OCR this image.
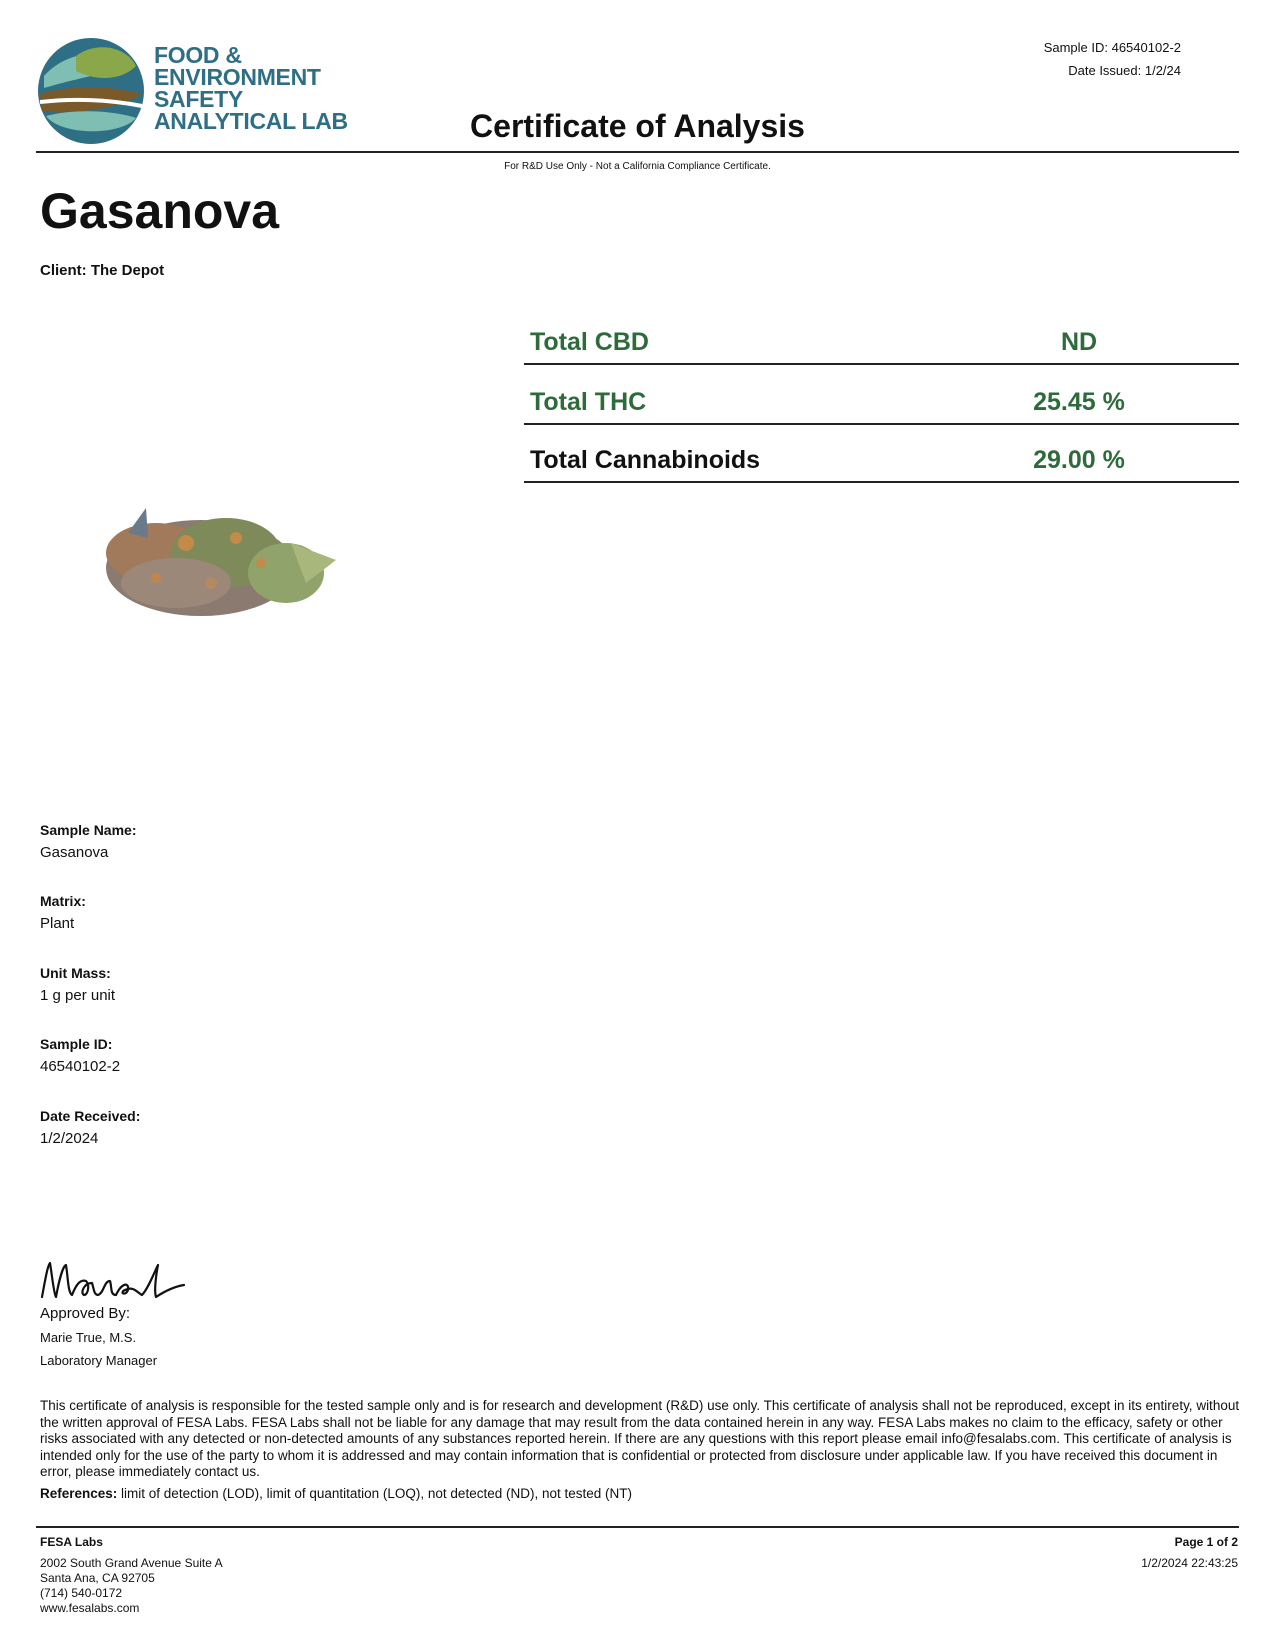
FOOD &
ENVIRONMENT
SAFETY
ANALYTICAL LAB
Sample ID: 46540102-2
Date Issued: 1/2/24
Certificate of Analysis
For R&D Use Only - Not a California Compliance Certificate.
Gasanova
Client: The Depot
Total CBD	ND
Total THC	25.45 %
Total Cannabinoids	29.00 %
Sample Name:
Gasanova
Matrix:
Plant
Unit Mass:
1 g per unit
Sample ID:
46540102-2
Date Received:
1/2/2024
Approved By:
Marie True, M.S.
Laboratory Manager
This certificate of analysis is responsible for the tested sample only and is for research and development (R&D) use only. This certificate of analysis shall not be reproduced, except in its entirety, without the written approval of FESA Labs. FESA Labs shall not be liable for any damage that may result from the data contained herein in any way. FESA Labs makes no claim to the efficacy, safety or other risks associated with any detected or non-detected amounts of any substances reported herein. If there are any questions with this report please email info@fesalabs.com. This certificate of analysis is intended only for the use of the party to whom it is addressed and may contain information that is confidential or protected from disclosure under applicable law. If you have received this document in error, please immediately contact us.
References: limit of detection (LOD), limit of quantitation (LOQ), not detected (ND), not tested (NT)
FESA Labs
2002 South Grand Avenue Suite A
Santa Ana, CA 92705
(714) 540-0172
www.fesalabs.com
Page 1 of 2
1/2/2024 22:43:25
